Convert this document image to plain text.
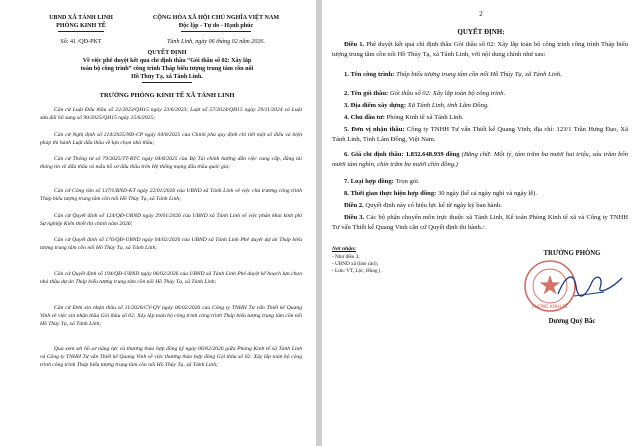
UBND XÃ TÁNH LINH
PHÒNG KINH TẾ
CỘNG HÒA XÃ HỘI CHỦ NGHĨA VIỆT NAM
Độc lập - Tự do - Hạnh phúc
Số: 41 /QĐ-PKT	Tánh Linh, ngày 06 tháng 02 năm 2026.
QUYẾT ĐỊNH
Về việc phê duyệt kết quả chỉ định thầu “Gói thầu số 02: Xây lắp
toàn bộ công trình” công trình Tháp biểu tượng trung tâm cồn nổi
Hồ Thủy Tạ, xã Tánh Linh.
TRƯỞNG PHÒNG KINH TẾ XÃ TÁNH LINH
Căn cứ Luật Đấu thầu số 22/2023/QH15 ngày 23/6/2023; Luật số 57/2024/QH15 ngày 29/11/2024 và Luật sửa đổi bổ sung số 90/2025/QH15 ngày 25/6/2025;
Căn cứ Nghị định số 214/2025/NĐ-CP ngày 04/8/2025 của Chính phủ quy định chi tiết một số điều và biện pháp thi hành Luật đấu thầu về lựa chọn nhà thầu;
Căn cứ Thông tư số 79/2025/TT-BTC ngày 04/8/2025 của Bộ Tài chính hướng dẫn việc cung cấp, đăng tải thông tin về đấu thầu và mẫu hồ sơ đấu thầu trên Hệ thống mạng đấu thầu quốc gia;
Căn cứ Công văn số 137/UBND-KT ngày 22/01/2026 của UBND xã Tánh Linh về việc chủ trương công trình Tháp biểu tượng trung tâm cồn nổi Hồ Thủy Tạ, xã Tánh Linh;
Căn cứ Quyết định số 124/QĐ-UBND ngày 29/01/2026 của UBND xã Tánh Linh về việc phân khai kinh phí Sự nghiệp Kiến thiết thị chính năm 2026;
Căn cứ Quyết định số 176/QĐ-UBND ngày 04/02/2026 của UBND xã Tánh Linh Phê duyệt dự án Tháp biểu tượng trung tâm cồn nổi Hồ Thủy Tạ, xã Tánh Linh;
Căn cứ Quyết định số 194/QĐ-UBND ngày 06/02/2026 của UBND xã Tánh Linh Phê duyệt kế hoạch lựa chọn nhà thầu dự án Tháp biểu tượng trung tâm cồn nổi Hồ Thủy Tạ, xã Tánh Linh;
Căn cứ Đơn xin nhận thầu số 11/2026/CV-QV ngày 06/02/2026 của Công ty TNHH Tư vấn Thiết kế Quang Vinh về việc xin nhận thầu Gói thầu số 02: Xây lắp toàn bộ công trình công trình Tháp biểu tượng trung tâm cồn nổi Hồ Thủy Tạ, xã Tánh Linh;
Qua xem xét hồ sơ năng lực và thương thảo hợp đồng kỹ ngày 06/02/2026 giữa Phòng Kinh tế xã Tánh Linh và Công ty TNHH Tư vấn Thiết kế Quang Vinh về việc thương thảo hợp đồng Gói thầu số 02: Xây lắp toàn bộ công trình công trình Tháp biểu tượng trung tâm cồn nổi Hồ Thủy Tạ, xã Tánh Linh;
2
QUYẾT ĐỊNH:
Điều 1. Phê duyệt kết quả chỉ định thầu Gói thầu số 02: Xây lắp toàn bộ công trình công trình Tháp biểu tượng trung tâm cồn nổi Hồ Thủy Tạ, xã Tánh Linh, với nội dung chính như sau:
1. Tên công trình: Tháp biểu tượng trung tâm cồn nổi Hồ Thủy Tạ, xã Tánh Linh.
2. Tên gói thầu: Gói thầu số 02: Xây lắp toàn bộ công trình.
3. Địa điểm xây dựng: Xã Tánh Linh, tỉnh Lâm Đồng.
4. Chủ đầu tư: Phòng Kinh tế xã Tánh Linh.
5. Đơn vị nhận thầu: Công ty TNHH Tư vấn Thiết kế Quang Vinh; địa chỉ: 123/1 Trần Hưng Đạo, Xã Tánh Linh, Tỉnh Lâm Đồng, Việt Nam.
6. Giá chỉ định thầu: 1.832.648.939 đồng (Bằng chữ: Một tỷ, tám trăm ba mươi hai triệu, sáu trăm bốn mươi tám nghìn, chín trăm ba mươi chín đồng.)
7. Loại hợp đồng: Trọn gói.
8. Thời gian thực hiện hợp đồng: 30 ngày (kể cả ngày nghỉ và ngày lễ).
Điều 2. Quyết định này có hiệu lực kể từ ngày ký ban hành.
Điều 3. Các bộ phận chuyên môn trực thuộc xã Tánh Linh, Kế toán Phòng Kinh tế xã và Công ty TNHH Tư vấn Thiết kế Quang Vinh căn cứ Quyết định thi hành./.
Nơi nhận:
- Như điều 3;
- UBND xã (báo cáo);
- Lưu: VT, Lộc, Hùng ( .
TRƯỞNG PHÒNG
PHÒNG KINH TẾ
Dương Quý Bắc
